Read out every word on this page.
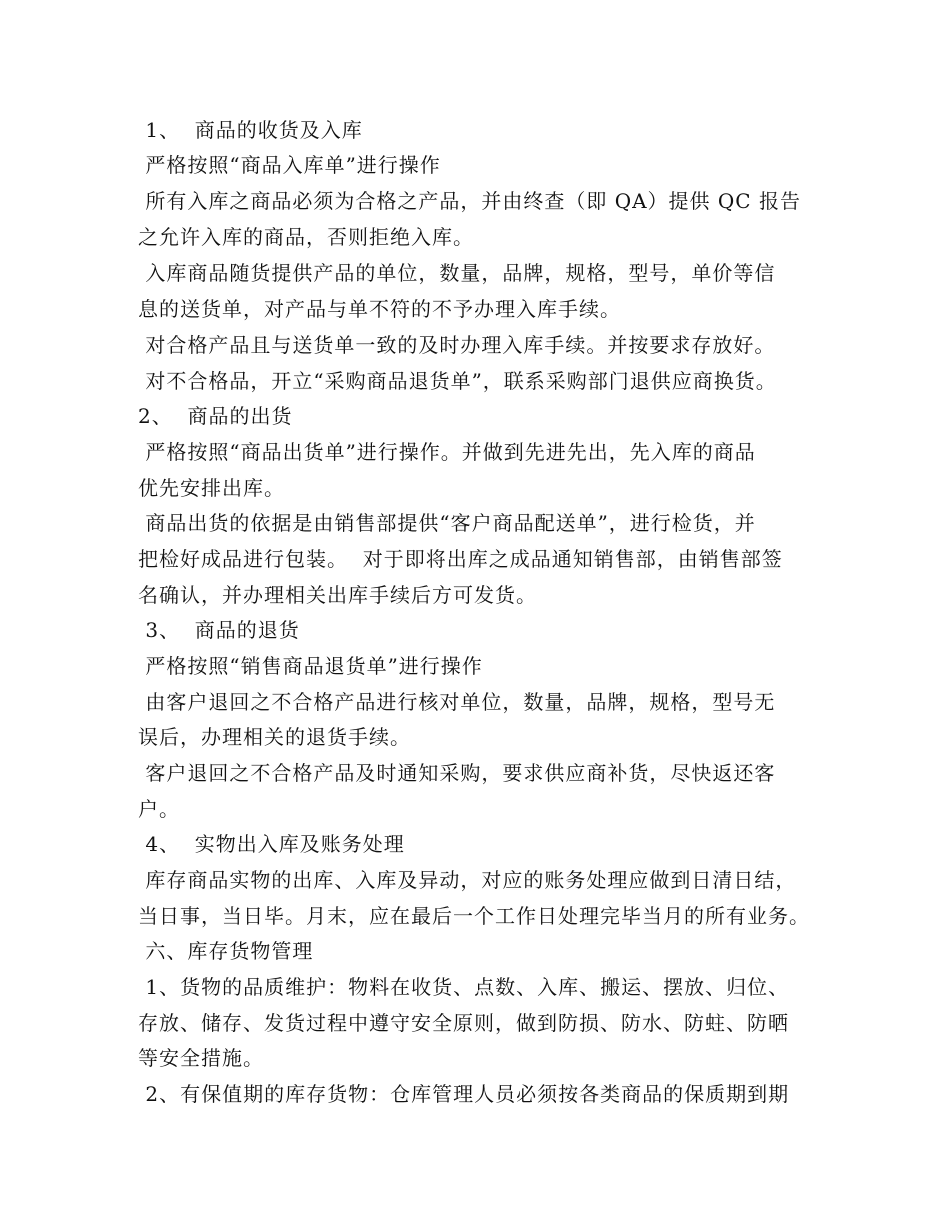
1、  商品的收货及入库
严格按照“商品入库单”进行操作
所有入库之商品必须为合格之产品，并由终查（即 QA）提供 QC 报告
之允许入库的商品，否则拒绝入库。
入库商品随货提供产品的单位，数量，品牌，规格，型号，单价等信
息的送货单，对产品与单不符的不予办理入库手续。
对合格产品且与送货单一致的及时办理入库手续。并按要求存放好。
对不合格品，开立“采购商品退货单”，联系采购部门退供应商换货。
2、  商品的出货
严格按照“商品出货单”进行操作。并做到先进先出，先入库的商品
优先安排出库。
商品出货的依据是由销售部提供“客户商品配送单”，进行检货，并
把检好成品进行包装。  对于即将出库之成品通知销售部，由销售部签
名确认，并办理相关出库手续后方可发货。
3、  商品的退货
严格按照“销售商品退货单”进行操作
由客户退回之不合格产品进行核对单位，数量，品牌，规格，型号无
误后，办理相关的退货手续。
客户退回之不合格产品及时通知采购，要求供应商补货，尽快返还客
户。
4、  实物出入库及账务处理
库存商品实物的出库、入库及异动，对应的账务处理应做到日清日结，
当日事，当日毕。月末，应在最后一个工作日处理完毕当月的所有业务。
六、库存货物管理
1、货物的品质维护：物料在收货、点数、入库、搬运、摆放、归位、
存放、储存、发货过程中遵守安全原则，做到防损、防水、防蛀、防晒
等安全措施。
2、有保值期的库存货物：仓库管理人员必须按各类商品的保质期到期
